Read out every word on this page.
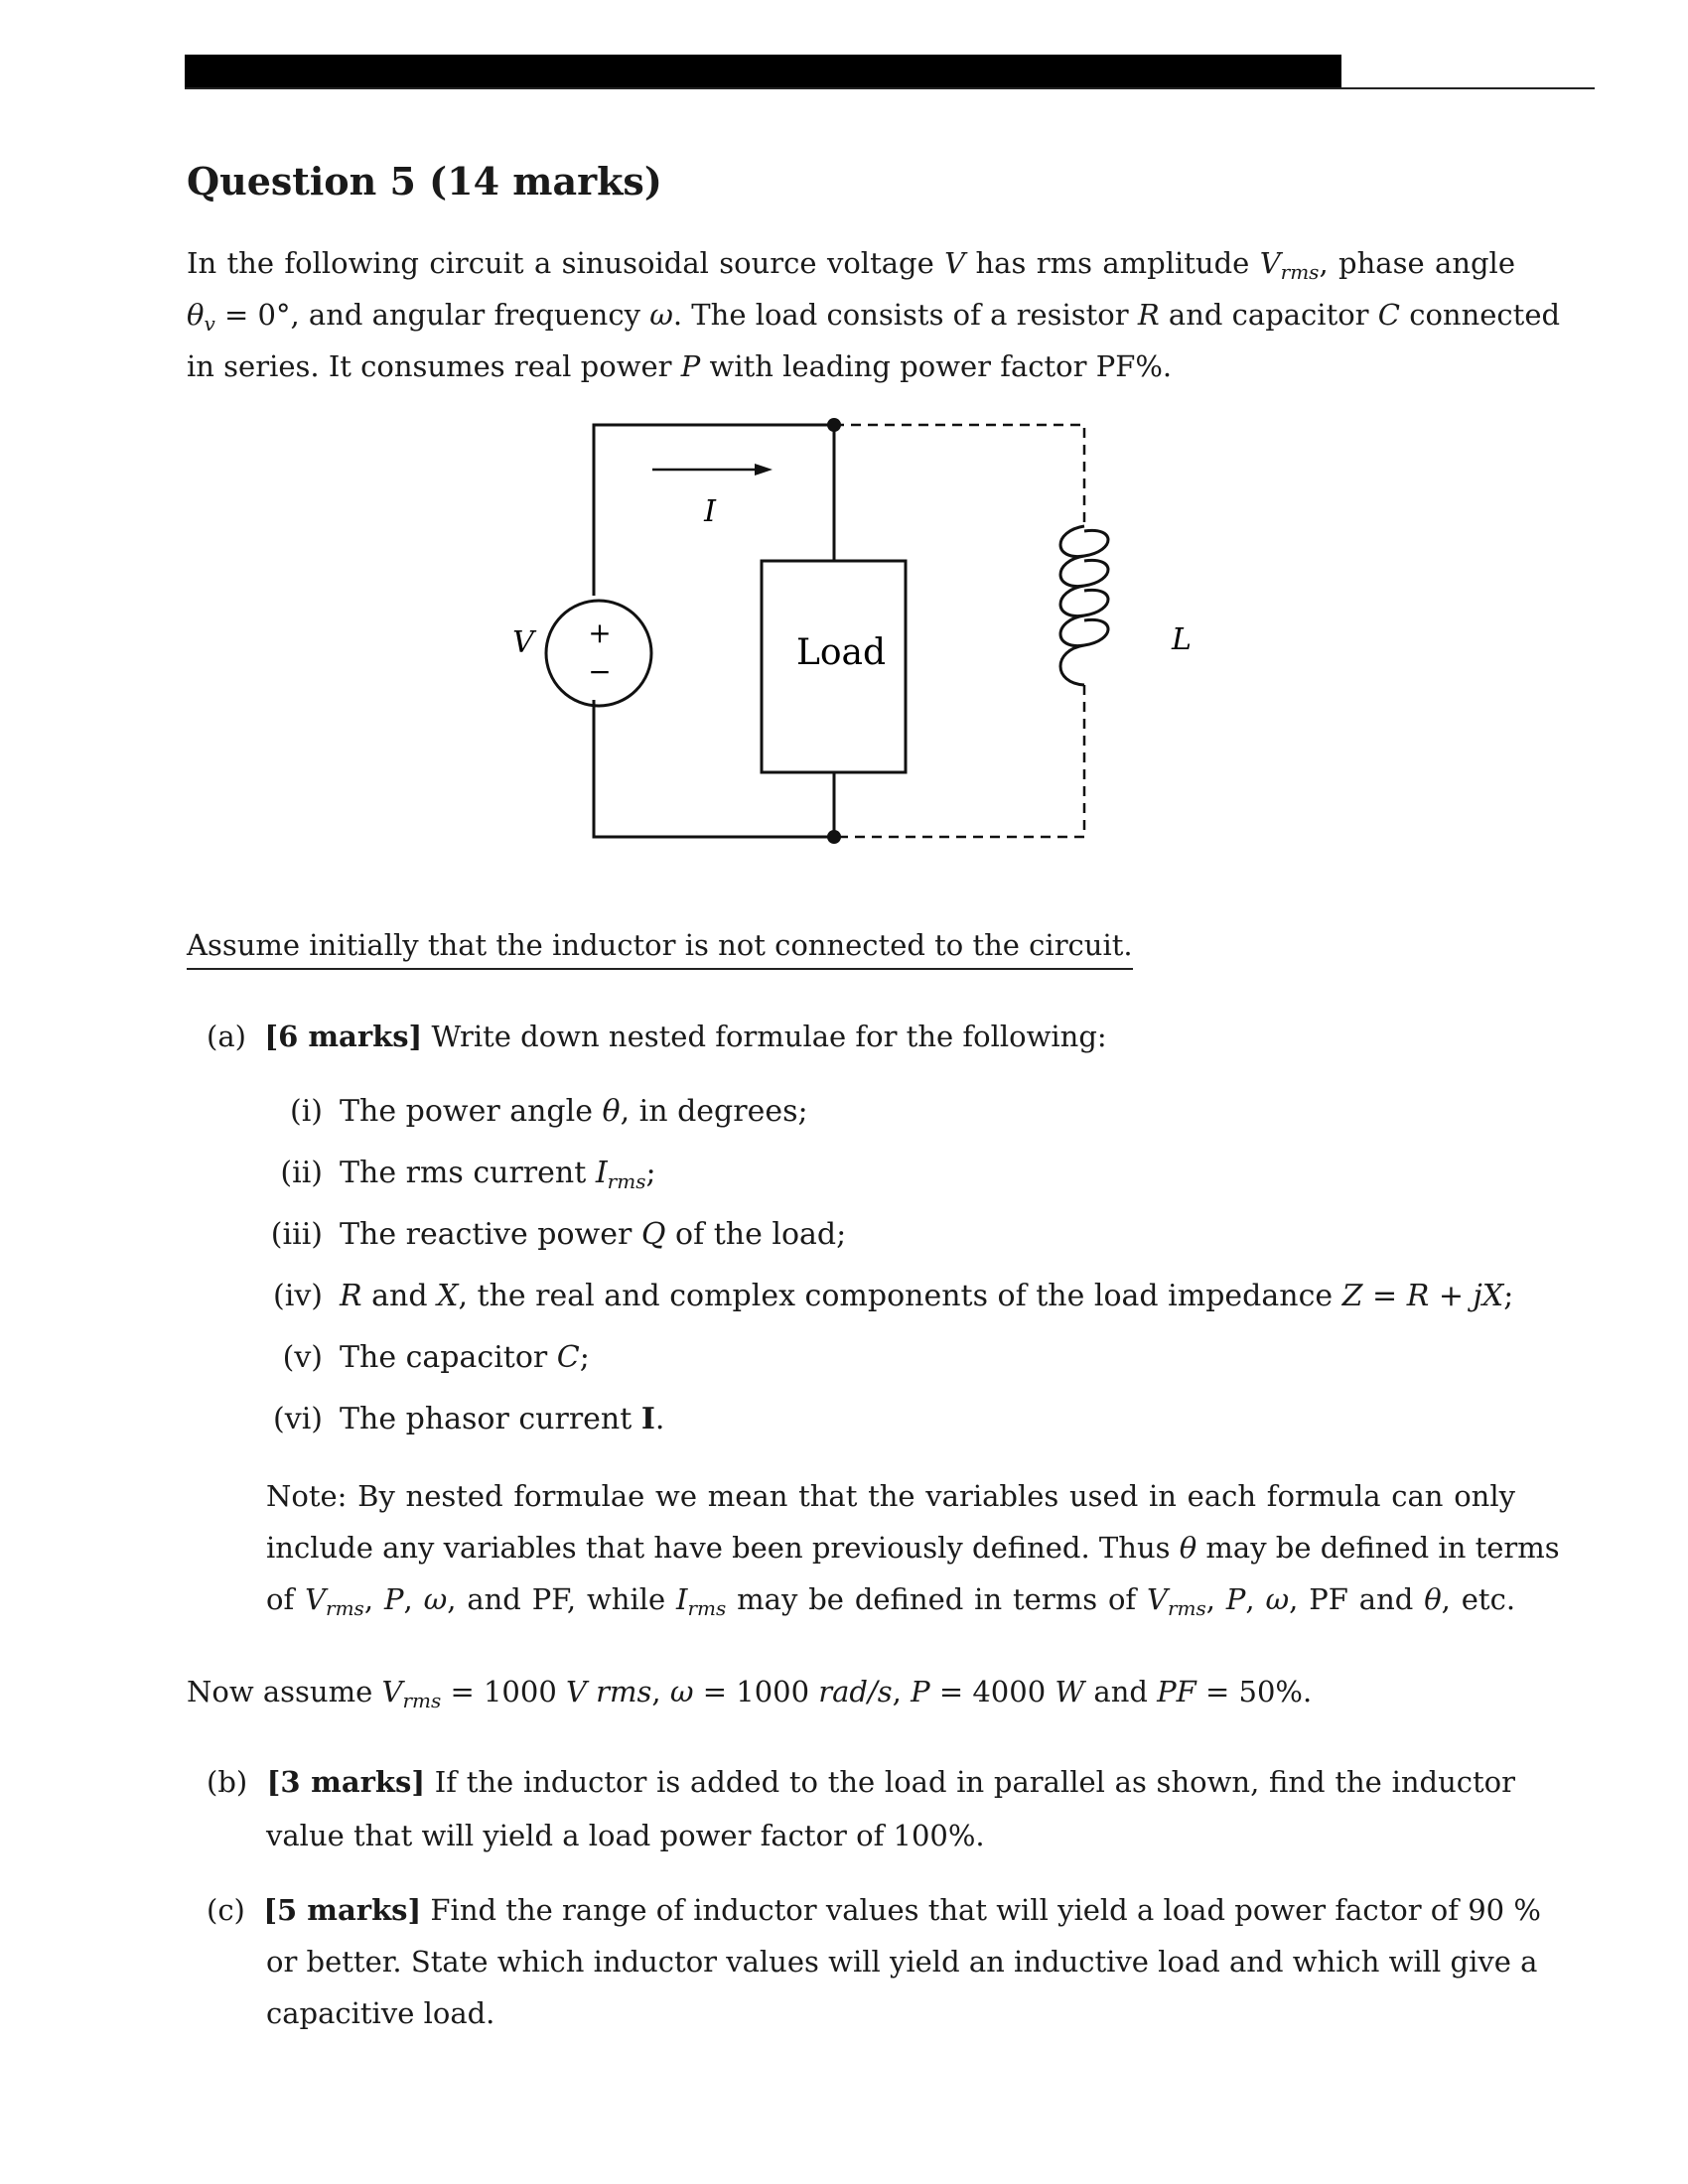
Question 5 (14 marks)
In the following circuit a sinusoidal source voltage V has rms amplitude $V_{rms}$, phase angle
$\theta_v = 0^\circ$, and angular frequency ω. The load consists of a resistor R and capacitor C connected
in series. It consumes real power P with leading power factor PF%.
I
V +
−	Load	L
Assume initially that the inductor is not connected to the circuit.
(a) [6 marks] Write down nested formulae for the following:
(i) The power angle θ, in degrees;
(ii) The rms current $I_{rms}$;
(iii) The reactive power Q of the load;
(iv) R and X, the real and complex components of the load impedance Z = R + jX;
(v) The capacitor C;
(vi) The phasor current I.
Note: By nested formulae we mean that the variables used in each formula can only
include any variables that have been previously defined. Thus θ may be defined in terms
of $V_{rms}$, P, ω, and PF, while $I_{rms}$ may be defined in terms of $V_{rms}$, P, ω, PF and θ, etc.
Now assume $V_{rms} = 1000$ V rms, ω = 1000 rad/s, P = 4000 W and PF = 50%.
(b) [3 marks] If the inductor is added to the load in parallel as shown, find the inductor
value that will yield a load power factor of 100%.
(c) [5 marks] Find the range of inductor values that will yield a load power factor of 90 %
or better. State which inductor values will yield an inductive load and which will give a
capacitive load.
